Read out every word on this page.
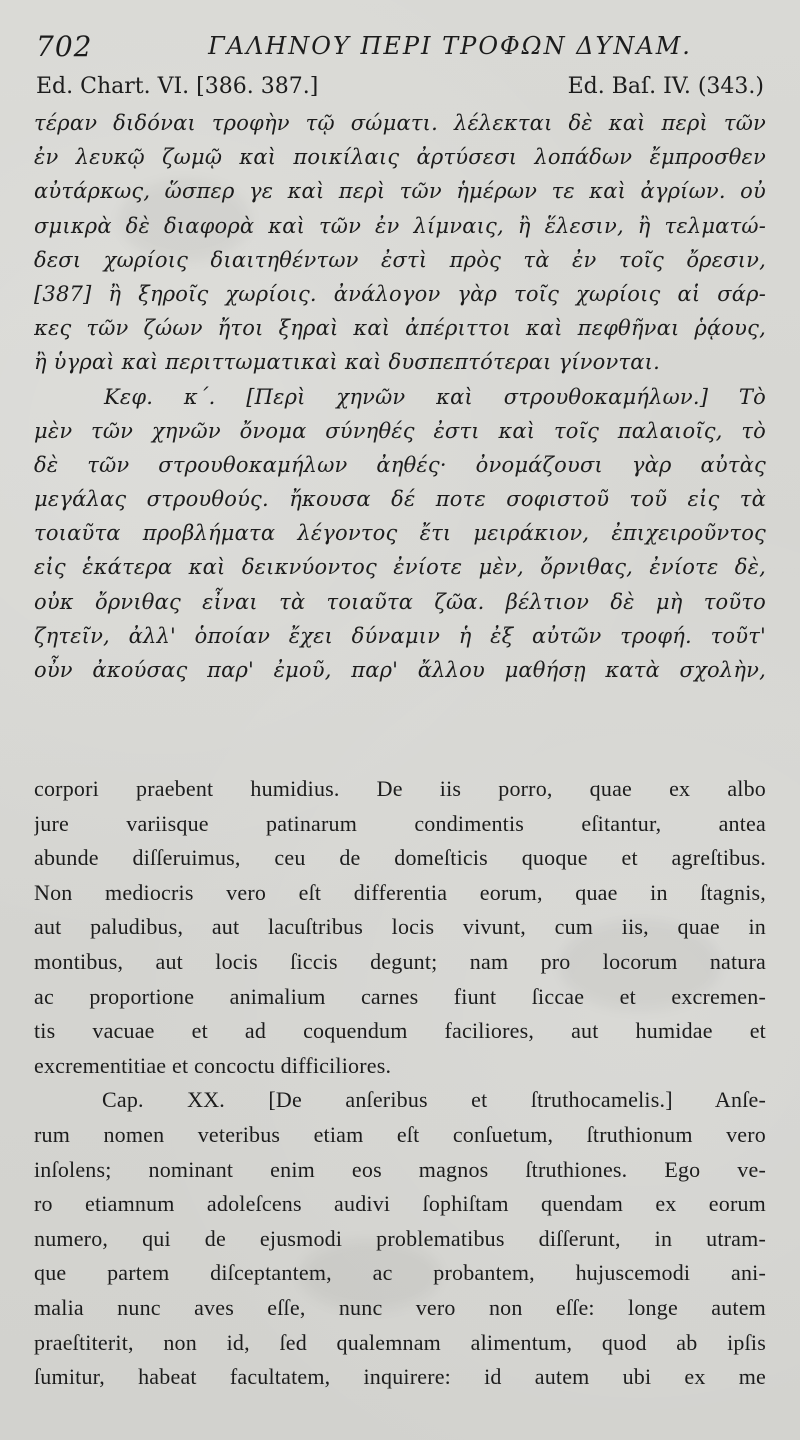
702	ΓΑΛΗΝΟΥ ΠΕΡΙ ΤΡΟΦΩΝ ΔΥΝΑΜ.
Ed. Chart. VI. [386. 387.]	Ed. Baſ. IV. (343.)
τέραν διδόναι τροφὴν τῷ σώματι. λέλεκται δὲ καὶ περὶ τῶν
ἐν λευκῷ ζωμῷ καὶ ποικίλαις ἀρτύσεσι λοπάδων ἔμπροσθεν
αὐτάρκως, ὥσπερ γε καὶ περὶ τῶν ἡμέρων τε καὶ ἀγρίων. οὐ
σμικρὰ δὲ διαφορὰ καὶ τῶν ἐν λίμναις, ἢ ἕλεσιν, ἢ τελματώ-
δεσι χωρίοις διαιτηθέντων ἐστὶ πρὸς τὰ ἐν τοῖς ὄρεσιν,
[387] ἢ ξηροῖς χωρίοις. ἀνάλογον γὰρ τοῖς χωρίοις αἱ σάρ-
κες τῶν ζώων ἤτοι ξηραὶ καὶ ἀπέριττοι καὶ πεφθῆναι ῥᾴους,
ἢ ὑγραὶ καὶ περιττωματικαὶ καὶ δυσπεπτότεραι γίνονται.
Κεφ. κ΄. [Περὶ χηνῶν καὶ στρουθοκαμήλων.] Τὸ
μὲν τῶν χηνῶν ὄνομα σύνηθές ἐστι καὶ τοῖς παλαιοῖς, τὸ
δὲ τῶν στρουθοκαμήλων ἀηθές· ὀνομάζουσι γὰρ αὐτὰς
μεγάλας στρουθούς. ἤκουσα δέ ποτε σοφιστοῦ τοῦ εἰς τὰ
τοιαῦτα προβλήματα λέγοντος ἔτι μειράκιον, ἐπιχειροῦντος
εἰς ἑκάτερα καὶ δεικνύοντος ἐνίοτε μὲν, ὄρνιθας, ἐνίοτε δὲ,
οὐκ ὄρνιθας εἶναι τὰ τοιαῦτα ζῶα. βέλτιον δὲ μὴ τοῦτο
ζητεῖν, ἀλλ' ὁποίαν ἔχει δύναμιν ἡ ἐξ αὐτῶν τροφή. τοῦτ'
οὖν ἀκούσας παρ' ἐμοῦ, παρ' ἄλλου μαθήσῃ κατὰ σχολὴν,
corpori praebent humidius. De iis porro, quae ex albo
jure variisque patinarum condimentis eſitantur, antea
abunde diſſeruimus, ceu de domeſticis quoque et agreſtibus.
Non mediocris vero eſt differentia eorum, quae in ſtagnis,
aut paludibus, aut lacuſtribus locis vivunt, cum iis, quae in
montibus, aut locis ſiccis degunt; nam pro locorum natura
ac proportione animalium carnes fiunt ſiccae et excremen-
tis vacuae et ad coquendum faciliores, aut humidae et
excrementitiae et concoctu difficiliores.
Cap. XX. [De anſeribus et ſtruthocamelis.] Anſe-
rum nomen veteribus etiam eſt conſuetum, ſtruthionum vero
inſolens; nominant enim eos magnos ſtruthiones. Ego ve-
ro etiamnum adoleſcens audivi ſophiſtam quendam ex eorum
numero, qui de ejusmodi problematibus diſſerunt, in utram-
que partem diſceptantem, ac probantem, hujuscemodi ani-
malia nunc aves eſſe, nunc vero non eſſe: longe autem
praeſtiterit, non id, ſed qualemnam alimentum, quod ab ipſis
ſumitur, habeat facultatem, inquirere: id autem ubi ex me
